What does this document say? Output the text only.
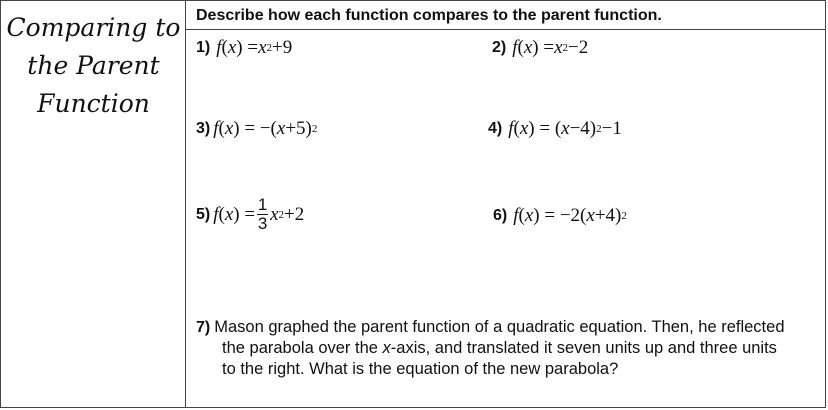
Comparing to
the Parent
Function
Describe how each function compares to the parent function.
1) f ( x ) = x 2 +9	2) f ( x ) = x 2 −2
3) f ( x ) = −( x +5) 2	4) f ( x ) = ( x −4) 2 −1
5) f ( x ) = $\frac{1}{3}$ x 2 +2	6) f ( x ) = −2( x +4) 2
7) Mason graphed the parent function of a quadratic equation. Then, he reflected
the parabola over the x-axis, and translated it seven units up and three units
to the right. What is the equation of the new parabola?
